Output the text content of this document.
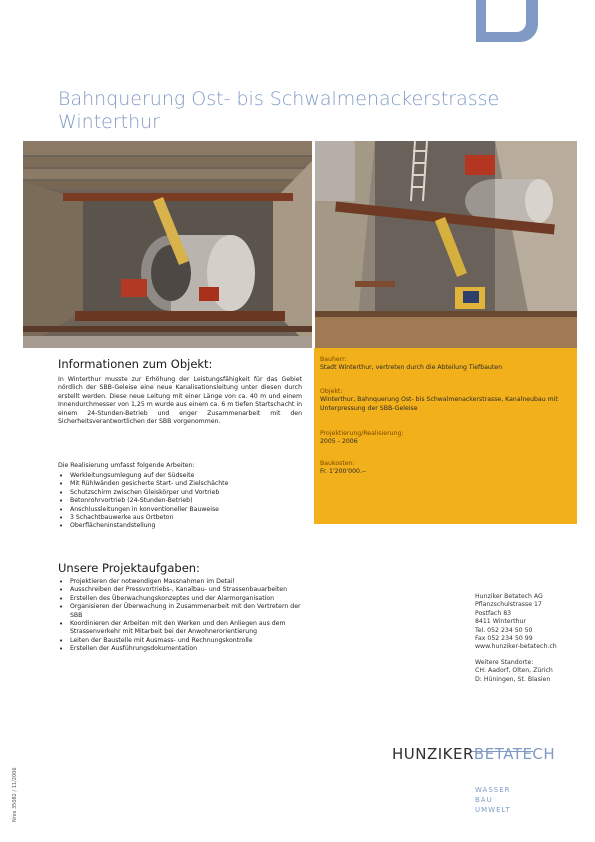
Bahnquerung Ost- bis Schwalmenackerstrasse
Winterthur
Informationen zum Objekt:
In Winterthur musste zur Erhöhung der Leistungsfähigkeit für das Gebiet nördlich der SBB-Geleise eine neue Kanalisationsleitung unter diesen durch erstellt werden. Diese neue Leitung mit einer Länge von ca. 40 m und einem Innendurchmesser von 1,25 m wurde aus einem ca. 6 m tiefen Startschacht in einem 24-Stunden-Betrieb und enger Zusammenarbeit mit den Sicherheitsverantwortlichen der SBB vorgenommen.
Die Realisierung umfasst folgende Arbeiten:
• Werkleitungsumlegung auf der Südseite
• Mit Rühlwänden gesicherte Start- und Zielschächte
• Schutzschirm zwischen Gleiskörper und Vortrieb
• Betonrohrvortrieb (24-Stunden-Betrieb)
• Anschlussleitungen in konventioneller Bauweise
• 3 Schachtbauwerke aus Ortbeton
• Oberflächeninstandstellung
Unsere Projektaufgaben:
• Projektieren der notwendigen Massnahmen im Detail
• Ausschreiben der Pressvortriebs-, Kanalbau- und Strassenbauarbeiten
• Erstellen des Überwachungskonzeptes und der Alarmorganisation
• Organisieren der Überwachung in Zusammenarbeit mit den Vertretern der SBB
• Koordinieren der Arbeiten mit den Werken und den Anliegen aus dem Strassenverkehr mit Mitarbeit bei der Anwohnerorientierung
• Leiten der Baustelle mit Ausmass- und Rechnungskontrolle
• Erstellen der Ausführungsdokumentation
Bauherr:
Stadt Winterthur, vertreten durch die Abteilung Tiefbauten
Objekt:
Winterthur, Bahnquerung Ost- bis Schwalmenackerstrasse, Kanalneubau mit Unterpressung der SBB-Geleise
Projektierung/Realisierung:
2005 - 2006
Baukosten:
Fr. 1'200'000.--
Hunziker Betatech AG
Pflanzschulstrasse 17
Postfach 83
8411 Winterthur
Tel. 052 234 50 50
Fax 052 234 50 99
www.hunziker-betatech.ch
Weitere Standorte:
CH: Aadorf, Olten, Zürich
D: Hüningen, St. Blasien
HUNZIKERBETATECH
WASSER
BAU
UMWELT
Nres 35082 / 11/2006
